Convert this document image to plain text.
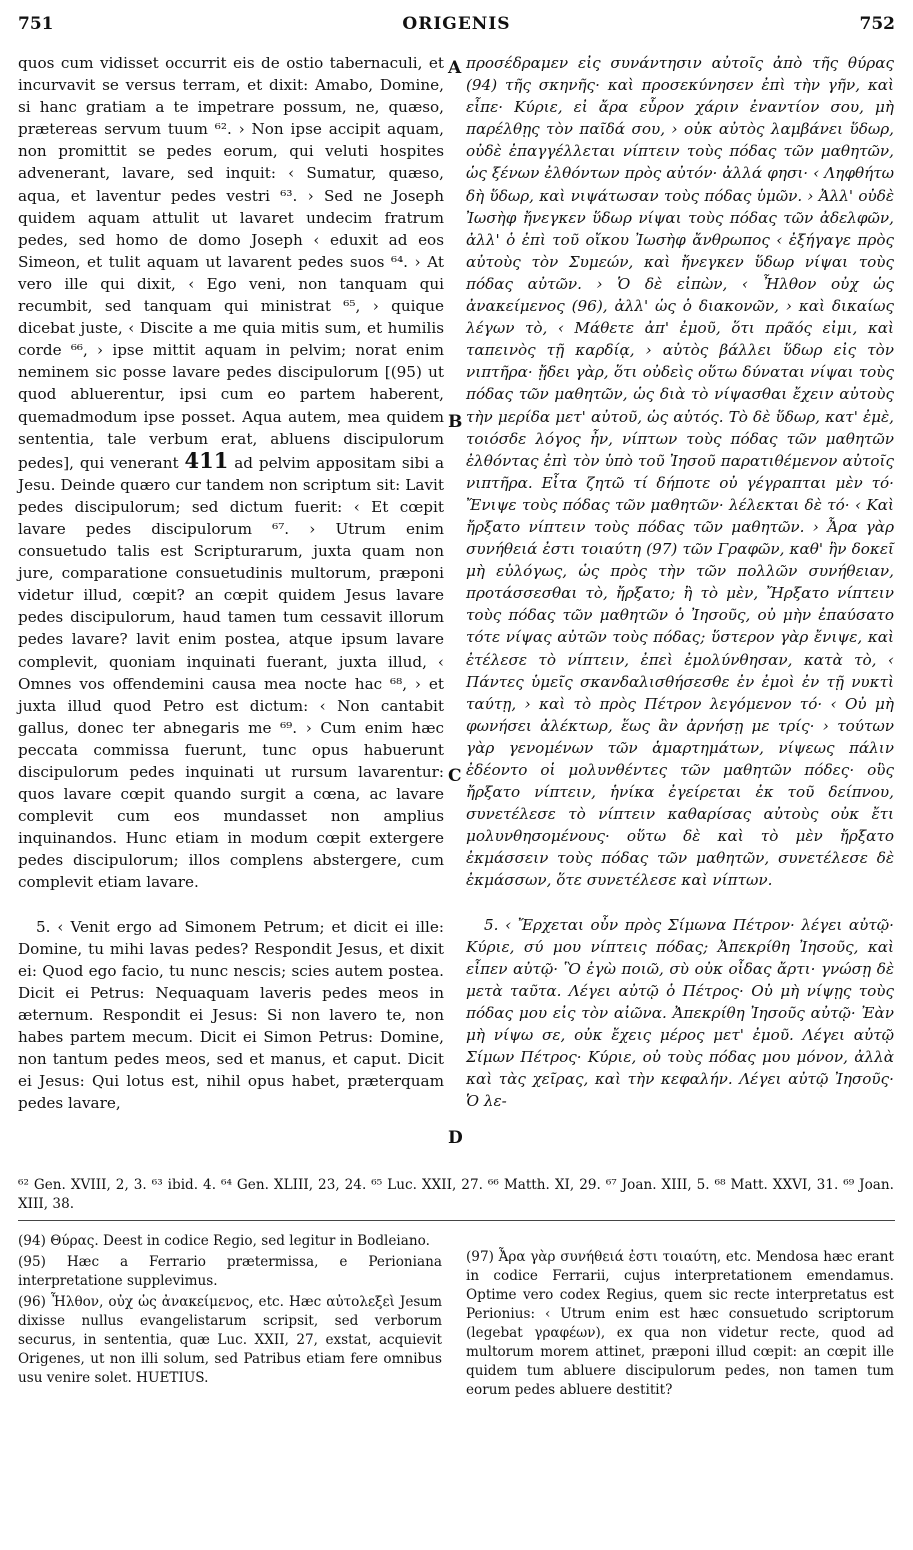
751	ORIGENIS	752

quos cum vidisset occurrit eis de ostio tabernaculi, et incurvavit se versus terram, et dixit: Amabo, Domine, si hanc gratiam a te impetrare possum, ne, quæso, prætereas servum tuum ⁶². › Non ipse accipit aquam, non promittit se pedes eorum, qui veluti hospites advenerant, lavare, sed inquit: ‹ Sumatur, quæso, aqua, et laventur pedes vestri ⁶³. › Sed ne Joseph quidem aquam attulit ut lavaret undecim fratrum pedes, sed homo de domo Joseph ‹ eduxit ad eos Simeon, et tulit aquam ut lavarent pedes suos ⁶⁴. › At vero ille qui dixit, ‹ Ego veni, non tanquam qui recumbit, sed tanquam qui ministrat ⁶⁵, › quique dicebat juste, ‹ Discite a me quia mitis sum, et humilis corde ⁶⁶, › ipse mittit aquam in pelvim; norat enim neminem sic posse lavare pedes discipulorum [(95) ut quod abluerentur, ipsi cum eo partem haberent, quemadmodum ipse posset. Aqua autem, mea quidem sententia, tale verbum erat, abluens discipulorum pedes], qui venerant 411 ad pelvim appositam sibi a Jesu. Deinde quæro cur tandem non scriptum sit: Lavit pedes discipulorum; sed dictum fuerit: ‹ Et cœpit lavare pedes discipulorum ⁶⁷. › Utrum enim consuetudo talis est Scripturarum, juxta quam non jure, comparatione consuetudinis multorum, præponi videtur illud, cœpit? an cœpit quidem Jesus lavare pedes discipulorum, haud tamen tum cessavit illorum pedes lavare? lavit enim postea, atque ipsum lavare complevit, quoniam inquinati fuerant, juxta illud, ‹ Omnes vos offendemini causa mea nocte hac ⁶⁸, › et juxta illud quod Petro est dictum: ‹ Non cantabit gallus, donec ter abnegaris me ⁶⁹. › Cum enim hæc peccata commissa fuerunt, tunc opus habuerunt discipulorum pedes inquinati ut rursum lavarentur: quos lavare cœpit quando surgit a cœna, ac lavare complevit cum eos mundasset non amplius inquinandos. Hunc etiam in modum cœpit extergere pedes discipulorum; illos complens abstergere, cum complevit etiam lavare.

5. ‹ Venit ergo ad Simonem Petrum; et dicit ei ille: Domine, tu mihi lavas pedes? Respondit Jesus, et dixit ei: Quod ego facio, tu nunc nescis; scies autem postea. Dicit ei Petrus: Nequaquam laveris pedes meos in æternum. Respondit ei Jesus: Si non lavero te, non habes partem mecum. Dicit ei Simon Petrus: Domine, non tantum pedes meos, sed et manus, et caput. Dicit ei Jesus: Qui lotus est, nihil opus habet, præterquam pedes lavare,

A
B
C
D

προσέδραμεν εἰς συνάντησιν αὐτοῖς ἀπὸ τῆς θύρας (94) τῆς σκηνῆς· καὶ προσεκύνησεν ἐπὶ τὴν γῆν, καὶ εἶπε· Κύριε, εἰ ἄρα εὗρον χάριν ἐναντίον σου, μὴ παρέλθῃς τὸν παῖδά σου, › οὐκ αὐτὸς λαμβάνει ὕδωρ, οὐδὲ ἐπαγγέλλεται νίπτειν τοὺς πόδας τῶν μαθητῶν, ὡς ξένων ἐλθόντων πρὸς αὐτόν· ἀλλά φησι· ‹ Ληφθήτω δὴ ὕδωρ, καὶ νιψάτωσαν τοὺς πόδας ὑμῶν. › Ἀλλ' οὐδὲ Ἰωσὴφ ἤνεγκεν ὕδωρ νίψαι τοὺς πόδας τῶν ἀδελφῶν, ἀλλ' ὁ ἐπὶ τοῦ οἴκου Ἰωσὴφ ἄνθρωπος ‹ ἐξήγαγε πρὸς αὐτοὺς τὸν Συμεών, καὶ ἤνεγκεν ὕδωρ νίψαι τοὺς πόδας αὐτῶν. › Ὁ δὲ εἰπὼν, ‹ Ἦλθον οὐχ ὡς ἀνακείμενος (96), ἀλλ' ὡς ὁ διακονῶν, › καὶ δικαίως λέγων τὸ, ‹ Μάθετε ἀπ' ἐμοῦ, ὅτι πρᾶός εἰμι, καὶ ταπεινὸς τῇ καρδίᾳ, › αὐτὸς βάλλει ὕδωρ εἰς τὸν νιπτῆρα· ᾔδει γὰρ, ὅτι οὐδεὶς οὕτω δύναται νίψαι τοὺς πόδας τῶν μαθητῶν, ὡς διὰ τὸ νίψασθαι ἔχειν αὐτοὺς τὴν μερίδα μετ' αὐτοῦ, ὡς αὐτός. Τὸ δὲ ὕδωρ, κατ' ἐμὲ, τοιόσδε λόγος ἦν, νίπτων τοὺς πόδας τῶν μαθητῶν ἐλθόντας ἐπὶ τὸν ὑπὸ τοῦ Ἰησοῦ παρατιθέμενον αὐτοῖς νιπτῆρα. Εἶτα ζητῶ τί δήποτε οὐ γέγραπται μὲν τό· Ἔνιψε τοὺς πόδας τῶν μαθητῶν· λέλεκται δὲ τό· ‹ Καὶ ἤρξατο νίπτειν τοὺς πόδας τῶν μαθητῶν. › Ἆρα γὰρ συνήθειά ἐστι τοιαύτη (97) τῶν Γραφῶν, καθ' ἣν δοκεῖ μὴ εὐλόγως, ὡς πρὸς τὴν τῶν πολλῶν συνήθειαν, προτάσσεσθαι τὸ, ἤρξατο; ἢ τὸ μὲν, Ἤρξατο νίπτειν τοὺς πόδας τῶν μαθητῶν ὁ Ἰησοῦς, οὐ μὴν ἐπαύσατο τότε νίψας αὐτῶν τοὺς πόδας; ὕστερον γὰρ ἔνιψε, καὶ ἐτέλεσε τὸ νίπτειν, ἐπεὶ ἐμολύνθησαν, κατὰ τὸ, ‹ Πάντες ὑμεῖς σκανδαλισθήσεσθε ἐν ἐμοὶ ἐν τῇ νυκτὶ ταύτῃ, › καὶ τὸ πρὸς Πέτρον λεγόμενον τό· ‹ Οὐ μὴ φωνήσει ἀλέκτωρ, ἕως ἂν ἀρνήσῃ με τρίς· › τούτων γὰρ γενομένων τῶν ἁμαρτημάτων, νίψεως πάλιν ἐδέοντο οἱ μολυνθέντες τῶν μαθητῶν πόδες· οὓς ἤρξατο νίπτειν, ἡνίκα ἐγείρεται ἐκ τοῦ δείπνου, συνετέλεσε τὸ νίπτειν καθαρίσας αὐτοὺς οὐκ ἔτι μολυνθησομένους· οὕτω δὲ καὶ τὸ μὲν ἤρξατο ἐκμάσσειν τοὺς πόδας τῶν μαθητῶν, συνετέλεσε δὲ ἐκμάσσων, ὅτε συνετέλεσε καὶ νίπτων.

5. ‹ Ἔρχεται οὖν πρὸς Σίμωνα Πέτρον· λέγει αὐτῷ· Κύριε, σύ μου νίπτεις πόδας; Ἀπεκρίθη Ἰησοῦς, καὶ εἶπεν αὐτῷ· Ὃ ἐγὼ ποιῶ, σὺ οὐκ οἶδας ἄρτι· γνώσῃ δὲ μετὰ ταῦτα. Λέγει αὐτῷ ὁ Πέτρος· Οὐ μὴ νίψῃς τοὺς πόδας μου εἰς τὸν αἰῶνα. Ἀπεκρίθη Ἰησοῦς αὐτῷ· Ἐὰν μὴ νίψω σε, οὐκ ἔχεις μέρος μετ' ἐμοῦ. Λέγει αὐτῷ Σίμων Πέτρος· Κύριε, οὐ τοὺς πόδας μου μόνον, ἀλλὰ καὶ τὰς χεῖρας, καὶ τὴν κεφαλήν. Λέγει αὐτῷ Ἰησοῦς· Ὁ λε-

⁶² Gen. XVIII, 2, 3. ⁶³ ibid. 4. ⁶⁴ Gen. XLIII, 23, 24. ⁶⁵ Luc. XXII, 27. ⁶⁶ Matth. XI, 29. ⁶⁷ Joan. XIII, 5. ⁶⁸ Matt. XXVI, 31. ⁶⁹ Joan. XIII, 38.

(94) Θύρας. Deest in codice Regio, sed legitur in Bodleiano.

(95) Hæc a Ferrario prætermissa, e Perioniana interpretatione supplevimus.

(96) Ἦλθον, οὐχ ὡς ἀνακείμενος, etc. Hæc αὐτολεξεὶ Jesum dixisse nullus evangelistarum scripsit, sed verborum securus, in sententia, quæ Luc. XXII, 27, exstat, acquievit Origenes, ut non illi solum, sed Patribus etiam fere omnibus usu venire solet. HUETIUS.

(97) Ἆρα γὰρ συνήθειά ἐστι τοιαύτη, etc. Mendosa hæc erant in codice Ferrarii, cujus interpretationem emendamus. Optime vero codex Regius, quem sic recte interpretatus est Perionius: ‹ Utrum enim est hæc consuetudo scriptorum (legebat γραφέων), ex qua non videtur recte, quod ad multorum morem attinet, præponi illud cœpit: an cœpit ille quidem tum abluere discipulorum pedes, non tamen tum eorum pedes abluere destitit?
